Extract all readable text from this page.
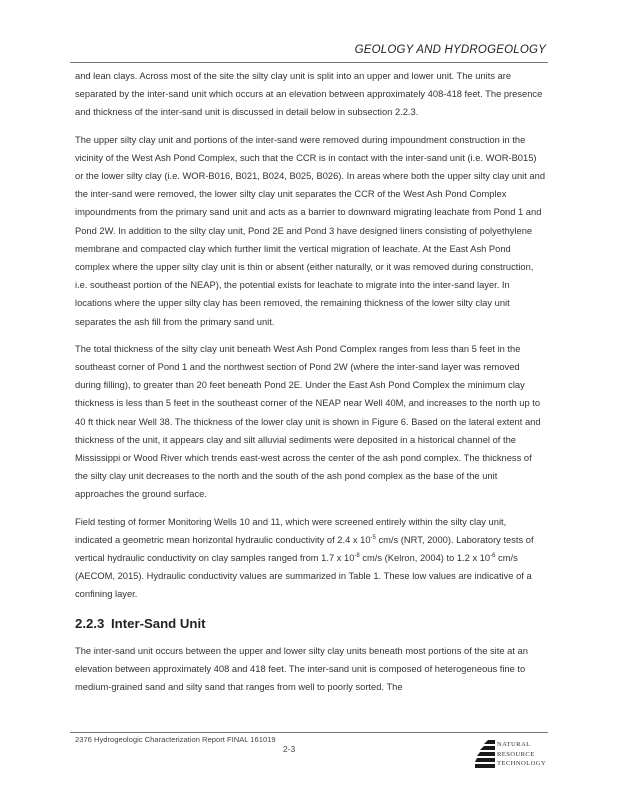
GEOLOGY AND HYDROGEOLOGY

and lean clays. Across most of the site the silty clay unit is split into an upper and lower unit. The units are separated by the inter-sand unit which occurs at an elevation between approximately 408-418 feet. The presence and thickness of the inter-sand unit is discussed in detail below in subsection 2.2.3.

The upper silty clay unit and portions of the inter-sand were removed during impoundment construction in the vicinity of the West Ash Pond Complex, such that the CCR is in contact with the inter-sand unit (i.e. WOR-B015) or the lower silty clay (i.e. WOR-B016, B021, B024, B025, B026). In areas where both the upper silty clay unit and the inter-sand were removed, the lower silty clay unit separates the CCR of the West Ash Pond Complex impoundments from the primary sand unit and acts as a barrier to downward migrating leachate from Pond 1 and Pond 2W. In addition to the silty clay unit, Pond 2E and Pond 3 have designed liners consisting of polyethylene membrane and compacted clay which further limit the vertical migration of leachate. At the East Ash Pond complex where the upper silty clay unit is thin or absent (either naturally, or it was removed during construction, i.e. southeast portion of the NEAP), the potential exists for leachate to migrate into the inter-sand layer. In locations where the upper silty clay has been removed, the remaining thickness of the lower silty clay unit separates the ash fill from the primary sand unit.

The total thickness of the silty clay unit beneath West Ash Pond Complex ranges from less than 5 feet in the southeast corner of Pond 1 and the northwest section of Pond 2W (where the inter-sand layer was removed during filling), to greater than 20 feet beneath Pond 2E. Under the East Ash Pond Complex the minimum clay thickness is less than 5 feet in the southeast corner of the NEAP near Well 40M, and increases to the north up to 40 ft thick near Well 38. The thickness of the lower clay unit is shown in Figure 6. Based on the lateral extent and thickness of the unit, it appears clay and silt alluvial sediments were deposited in a historical channel of the Mississippi or Wood River which trends east-west across the center of the ash pond complex. The thickness of the silty clay unit decreases to the north and the south of the ash pond complex as the base of the unit approaches the ground surface.

Field testing of former Monitoring Wells 10 and 11, which were screened entirely within the silty clay unit, indicated a geometric mean horizontal hydraulic conductivity of 2.4 x $10^{-5}$ cm/s (NRT, 2000). Laboratory tests of vertical hydraulic conductivity on clay samples ranged from 1.7 x $10^{-8}$ cm/s (Kelron, 2004) to 1.2 x $10^{-6}$ cm/s (AECOM, 2015). Hydraulic conductivity values are summarized in Table 1. These low values are indicative of a confining layer.

2.2.3 Inter-Sand Unit

The inter-sand unit occurs between the upper and lower silty clay units beneath most portions of the site at an elevation between approximately 408 and 418 feet. The inter-sand unit is composed of heterogeneous fine to medium-grained sand and silty sand that ranges from well to poorly sorted. The

2376 Hydrogeologic Characterization Report FINAL 161019
2-3	NATURAL
RESOURCE
TECHNOLOGY
